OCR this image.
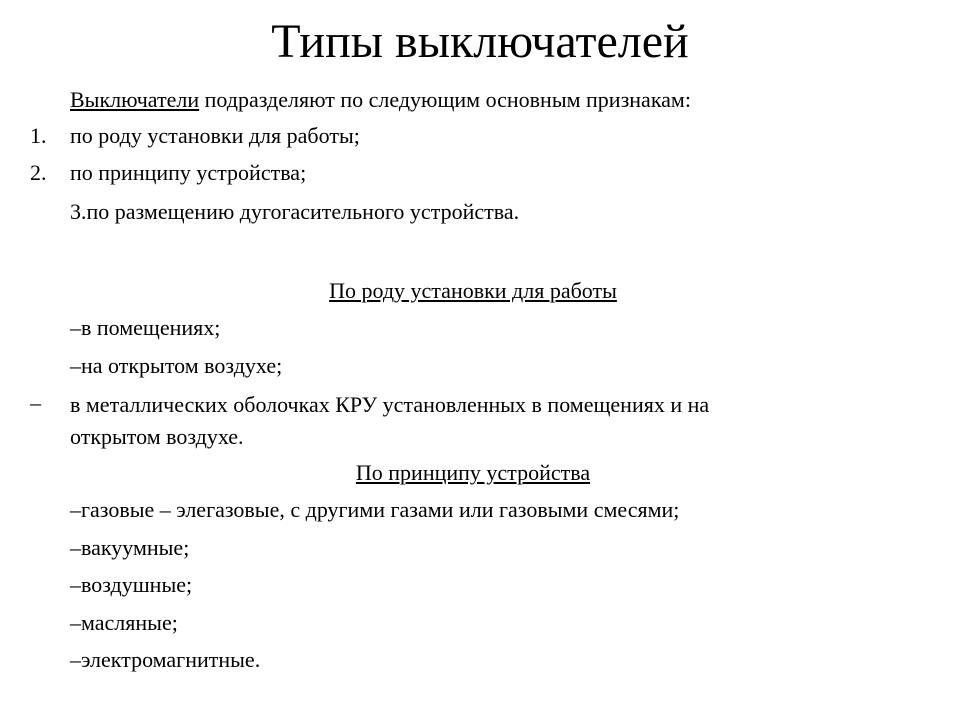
Типы выключателей
Выключатели подразделяют по следующим основным признакам:
1. по роду установки для работы;
2. по принципу устройства;
3.по размещению дугогасительного устройства.
По роду установки для работы
–в помещениях;
–на открытом воздухе;
– в металлических оболочках КРУ установленных в помещениях и на
открытом воздухе.
По принципу устройства
–газовые – элегазовые, с другими газами или газовыми смесями;
–вакуумные;
–воздушные;
–масляные;
–электромагнитные.
